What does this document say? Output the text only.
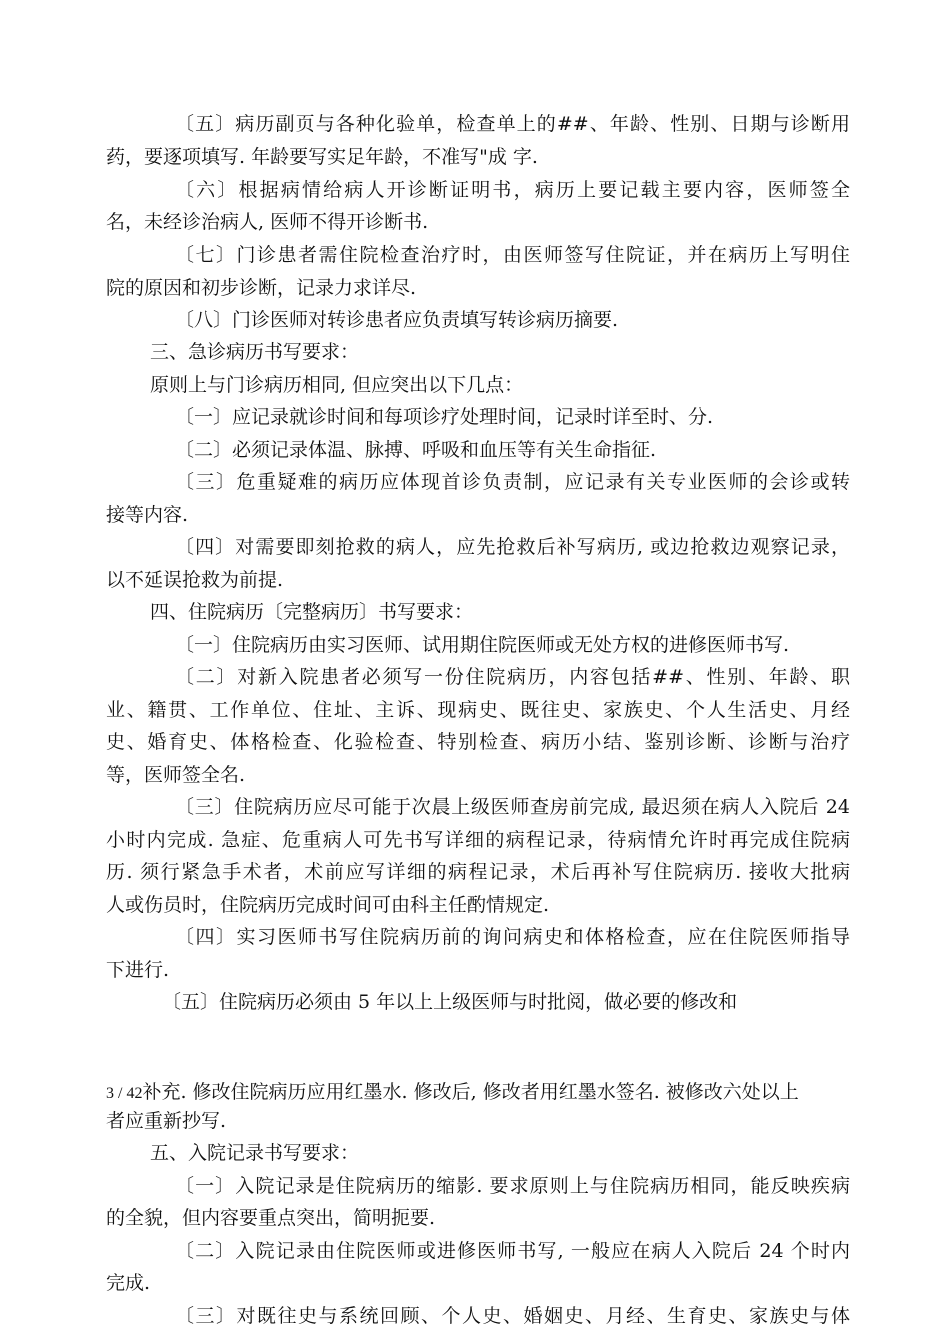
〔五〕病历副页与各种化验单，检查单上的##、年龄、性别、日期与诊断用
药，要逐项填写. 年龄要写实足年龄，不准写"成 字.
〔六〕根据病情给病人开诊断证明书，病历上要记载主要内容，医师签全
名，未经诊治病人, 医师不得开诊断书.
〔七〕门诊患者需住院检查治疗时，由医师签写住院证，并在病历上写明住
院的原因和初步诊断，记录力求详尽.
〔八〕门诊医师对转诊患者应负责填写转诊病历摘要.
三、急诊病历书写要求：
原则上与门诊病历相同, 但应突出以下几点：
〔一〕应记录就诊时间和每项诊疗处理时间，记录时详至时、分.
〔二〕必须记录体温、脉搏、呼吸和血压等有关生命指征.
〔三〕危重疑难的病历应体现首诊负责制，应记录有关专业医师的会诊或转
接等内容.
〔四〕对需要即刻抢救的病人，应先抢救后补写病历, 或边抢救边观察记录，
以不延误抢救为前提.
四、住院病历〔完整病历〕书写要求：
〔一〕住院病历由实习医师、试用期住院医师或无处方权的进修医师书写.
〔二〕对新入院患者必须写一份住院病历，内容包括##、性别、年龄、职
业、籍贯、工作单位、住址、主诉、现病史、既往史、家族史、个人生活史、月经
史、婚育史、体格检查、化验检查、特别检查、病历小结、鉴别诊断、诊断与治疗
等，医师签全名.
〔三〕住院病历应尽可能于次晨上级医师查房前完成, 最迟须在病人入院后 24
小时内完成. 急症、危重病人可先书写详细的病程记录，待病情允许时再完成住院病
历. 须行紧急手术者，术前应写详细的病程记录，术后再补写住院病历. 接收大批病
人或伤员时，住院病历完成时间可由科主任酌情规定.
〔四〕实习医师书写住院病历前的询问病史和体格检查，应在住院医师指导
下进行.
〔五〕住院病历必须由 5 年以上上级医师与时批阅，做必要的修改和
3 / 42补充. 修改住院病历应用红墨水. 修改后, 修改者用红墨水签名. 被修改六处以上
者应重新抄写.
五、入院记录书写要求：
〔一〕入院记录是住院病历的缩影. 要求原则上与住院病历相同，能反映疾病
的全貌，但内容要重点突出，简明扼要.
〔二〕入院记录由住院医师或进修医师书写, 一般应在病人入院后 24 个时内
完成.
〔三〕对既往史与系统回顾、个人史、婚姻史、月经、生育史、家族史与体
